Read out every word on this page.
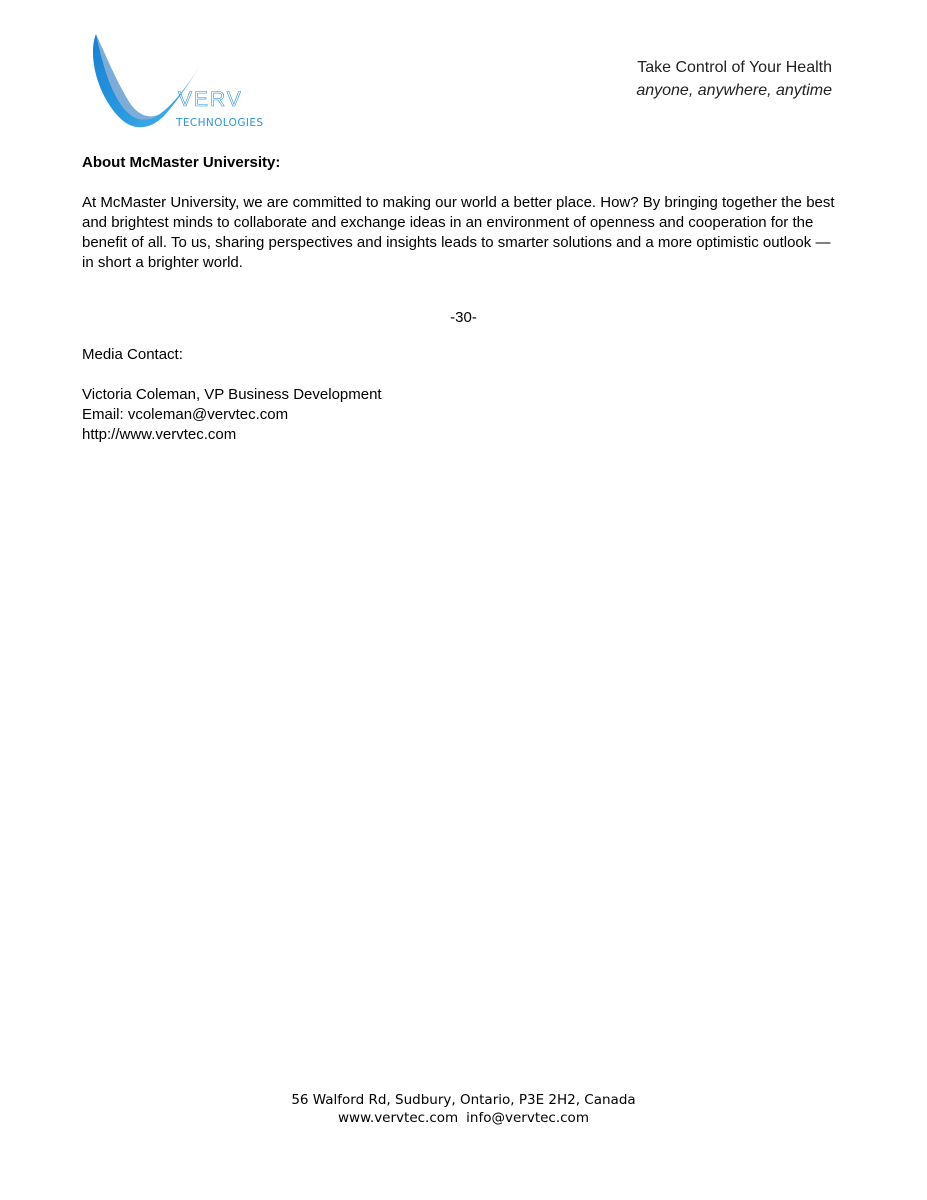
VERV
TECHNOLOGIES
Take Control of Your Health
anyone, anywhere, anytime
About McMaster University:

At McMaster University, we are committed to making our world a better place. How? By bringing together the best and brightest minds to collaborate and exchange ideas in an environment of openness and cooperation for the benefit of all. To us, sharing perspectives and insights leads to smarter solutions and a more optimistic outlook — in short a brighter world.

-30-
Media Contact:
Victoria Coleman, VP Business Development
Email: vcoleman@vervtec.com
http://www.vervtec.com
56 Walford Rd, Sudbury, Ontario, P3E 2H2, Canada
www.vervtec.com info@vervtec.com
